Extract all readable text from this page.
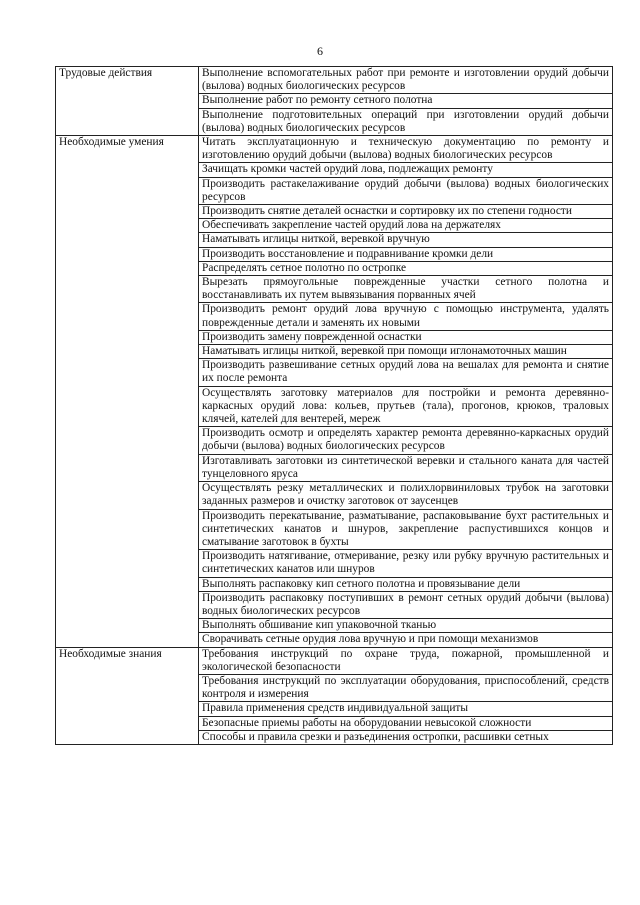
6
Трудовые действия	Выполнение вспомогательных работ при ремонте и изготовлении орудий добычи (вылова) водных биологических ресурсов
	Выполнение работ по ремонту сетного полотна
	Выполнение подготовительных операций при изготовлении орудий добычи (вылова) водных биологических ресурсов
Необходимые умения	Читать эксплуатационную и техническую документацию по ремонту и изготовлению орудий добычи (вылова) водных биологических ресурсов
	Зачищать кромки частей орудий лова, подлежащих ремонту
	Производить растакелаживание орудий добычи (вылова) водных биологических ресурсов
	Производить снятие деталей оснастки и сортировку их по степени годности
	Обеспечивать закрепление частей орудий лова на держателях
	Наматывать иглицы ниткой, веревкой вручную
	Производить восстановление и подравнивание кромки дели
	Распределять сетное полотно по остропке
	Вырезать прямоугольные поврежденные участки сетного полотна и восстанавливать их путем вывязывания порванных ячей
	Производить ремонт орудий лова вручную с помощью инструмента, удалять поврежденные детали и заменять их новыми
	Производить замену поврежденной оснастки
	Наматывать иглицы ниткой, веревкой при помощи иглонамоточных машин
	Производить развешивание сетных орудий лова на вешалах для ремонта и снятие их после ремонта
	Осуществлять заготовку материалов для постройки и ремонта деревянно-каркасных орудий лова: кольев, прутьев (тала), прогонов, крюков, траловых клячей, кателей для вентерей, мереж
	Производить осмотр и определять характер ремонта деревянно-каркасных орудий добычи (вылова) водных биологических ресурсов
	Изготавливать заготовки из синтетической веревки и стального каната для частей тунцеловного яруса
	Осуществлять резку металлических и полихлорвиниловых трубок на заготовки заданных размеров и очистку заготовок от заусенцев
	Производить перекатывание, разматывание, распаковывание бухт растительных и синтетических канатов и шнуров, закрепление распустившихся концов и сматывание заготовок в бухты
	Производить натягивание, отмеривание, резку или рубку вручную растительных и синтетических канатов или шнуров
	Выполнять распаковку кип сетного полотна и провязывание дели
	Производить распаковку поступивших в ремонт сетных орудий добычи (вылова) водных биологических ресурсов
	Выполнять обшивание кип упаковочной тканью
	Сворачивать сетные орудия лова вручную и при помощи механизмов
Необходимые знания	Требования инструкций по охране труда, пожарной, промышленной и экологической безопасности
	Требования инструкций по эксплуатации оборудования, приспособлений, средств контроля и измерения
	Правила применения средств индивидуальной защиты
	Безопасные приемы работы на оборудовании невысокой сложности
	Способы и правила срезки и разъединения остропки, расшивки сетных
